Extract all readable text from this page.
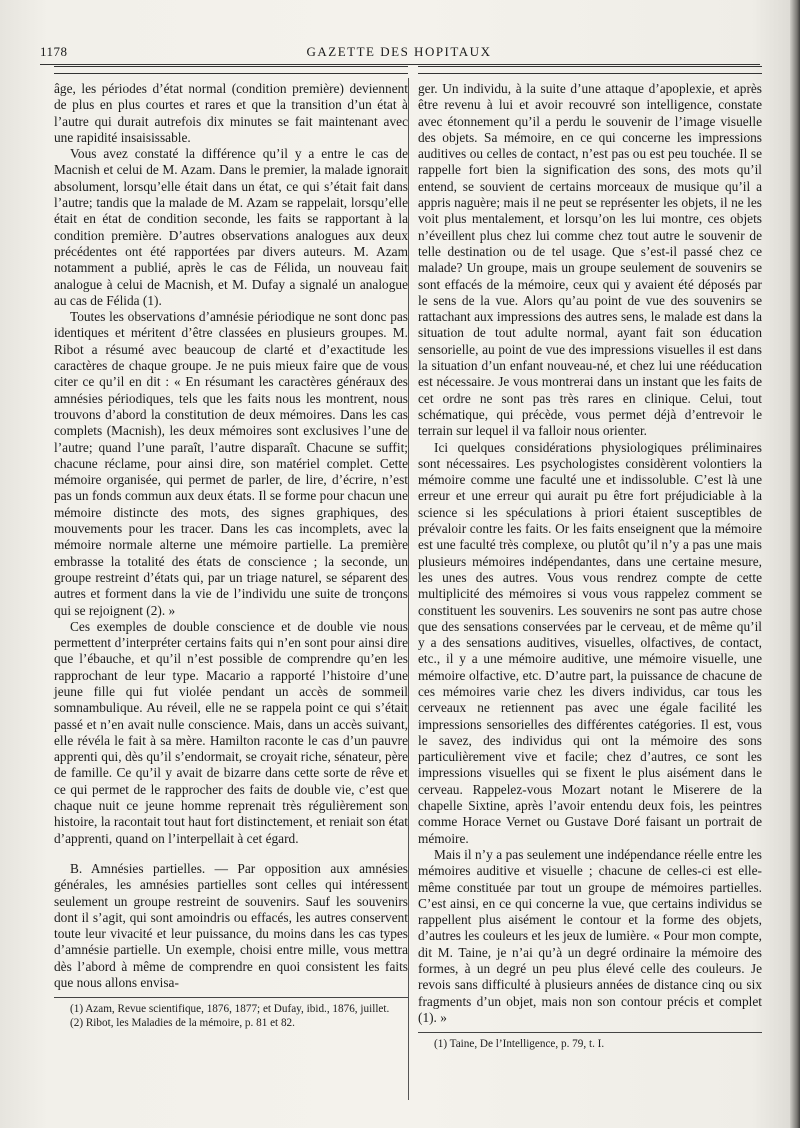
1178	GAZETTE DES HOPITAUX

âge, les périodes d’état normal (condition première) deviennent de plus en plus courtes et rares et que la transition d’un état à l’autre qui durait autrefois dix minutes se fait maintenant avec une rapidité insaisissable.

Vous avez constaté la différence qu’il y a entre le cas de Macnish et celui de M. Azam. Dans le premier, la malade ignorait absolument, lorsqu’elle était dans un état, ce qui s’était fait dans l’autre; tandis que la malade de M. Azam se rappelait, lorsqu’elle était en état de condition seconde, les faits se rapportant à la condition première. D’autres observations analogues aux deux précédentes ont été rapportées par divers auteurs. M. Azam notamment a publié, après le cas de Félida, un nouveau fait analogue à celui de Macnish, et M. Dufay a signalé un analogue au cas de Félida (1).

Toutes les observations d’amnésie périodique ne sont donc pas identiques et méritent d’être classées en plusieurs groupes. M. Ribot a résumé avec beaucoup de clarté et d’exactitude les caractères de chaque groupe. Je ne puis mieux faire que de vous citer ce qu’il en dit : « En résumant les caractères généraux des amnésies périodiques, tels que les faits nous les montrent, nous trouvons d’abord la constitution de deux mémoires. Dans les cas complets (Macnish), les deux mémoires sont exclusives l’une de l’autre; quand l’une paraît, l’autre disparaît. Chacune se suffit; chacune réclame, pour ainsi dire, son matériel complet. Cette mémoire organisée, qui permet de parler, de lire, d’écrire, n’est pas un fonds commun aux deux états. Il se forme pour chacun une mémoire distincte des mots, des signes graphiques, des mouvements pour les tracer. Dans les cas incomplets, avec la mémoire normale alterne une mémoire partielle. La première embrasse la totalité des états de conscience ; la seconde, un groupe restreint d’états qui, par un triage naturel, se séparent des autres et forment dans la vie de l’individu une suite de tronçons qui se rejoignent (2). »

Ces exemples de double conscience et de double vie nous permettent d’interpréter certains faits qui n’en sont pour ainsi dire que l’ébauche, et qu’il n’est possible de comprendre qu’en les rapprochant de leur type. Macario a rapporté l’histoire d’une jeune fille qui fut violée pendant un accès de sommeil somnambulique. Au réveil, elle ne se rappela point ce qui s’était passé et n’en avait nulle conscience. Mais, dans un accès suivant, elle révéla le fait à sa mère. Hamilton raconte le cas d’un pauvre apprenti qui, dès qu’il s’endormait, se croyait riche, sénateur, père de famille. Ce qu’il y avait de bizarre dans cette sorte de rêve et ce qui permet de le rapprocher des faits de double vie, c’est que chaque nuit ce jeune homme reprenait très régulièrement son histoire, la racontait tout haut fort distinctement, et reniait son état d’apprenti, quand on l’interpellait à cet égard.

B. Amnésies partielles. — Par opposition aux amnésies générales, les amnésies partielles sont celles qui intéressent seulement un groupe restreint de souvenirs. Sauf les souvenirs dont il s’agit, qui sont amoindris ou effacés, les autres conservent toute leur vivacité et leur puissance, du moins dans les cas types d’amnésie partielle. Un exemple, choisi entre mille, vous mettra dès l’abord à même de comprendre en quoi consistent les faits que nous allons envisa-

(1) Azam, Revue scientifique, 1876, 1877; et Dufay, ibid., 1876, juillet.

(2) Ribot, les Maladies de la mémoire, p. 81 et 82.

ger. Un individu, à la suite d’une attaque d’apoplexie, et après être revenu à lui et avoir recouvré son intelligence, constate avec étonnement qu’il a perdu le souvenir de l’image visuelle des objets. Sa mémoire, en ce qui concerne les impressions auditives ou celles de contact, n’est pas ou est peu touchée. Il se rappelle fort bien la signification des sons, des mots qu’il entend, se souvient de certains morceaux de musique qu’il a appris naguère; mais il ne peut se représenter les objets, il ne les voit plus mentalement, et lorsqu’on les lui montre, ces objets n’éveillent plus chez lui comme chez tout autre le souvenir de telle destination ou de tel usage. Que s’est-il passé chez ce malade? Un groupe, mais un groupe seulement de souvenirs se sont effacés de la mémoire, ceux qui y avaient été déposés par le sens de la vue. Alors qu’au point de vue des souvenirs se rattachant aux impressions des autres sens, le malade est dans la situation de tout adulte normal, ayant fait son éducation sensorielle, au point de vue des impressions visuelles il est dans la situation d’un enfant nouveau-né, et chez lui une rééducation est nécessaire. Je vous montrerai dans un instant que les faits de cet ordre ne sont pas très rares en clinique. Celui, tout schématique, qui précède, vous permet déjà d’entrevoir le terrain sur lequel il va falloir nous orienter.

Ici quelques considérations physiologiques préliminaires sont nécessaires. Les psychologistes considèrent volontiers la mémoire comme une faculté une et indissoluble. C’est là une erreur et une erreur qui aurait pu être fort préjudiciable à la science si les spéculations à priori étaient susceptibles de prévaloir contre les faits. Or les faits enseignent que la mémoire est une faculté très complexe, ou plutôt qu’il n’y a pas une mais plusieurs mémoires indépendantes, dans une certaine mesure, les unes des autres. Vous vous rendrez compte de cette multiplicité des mémoires si vous vous rappelez comment se constituent les souvenirs. Les souvenirs ne sont pas autre chose que des sensations conservées par le cerveau, et de même qu’il y a des sensations auditives, visuelles, olfactives, de contact, etc., il y a une mémoire auditive, une mémoire visuelle, une mémoire olfactive, etc. D’autre part, la puissance de chacune de ces mémoires varie chez les divers individus, car tous les cerveaux ne retiennent pas avec une égale facilité les impressions sensorielles des différentes catégories. Il est, vous le savez, des individus qui ont la mémoire des sons particulièrement vive et facile; chez d’autres, ce sont les impressions visuelles qui se fixent le plus aisément dans le cerveau. Rappelez-vous Mozart notant le Miserere de la chapelle Sixtine, après l’avoir entendu deux fois, les peintres comme Horace Vernet ou Gustave Doré faisant un portrait de mémoire.

Mais il n’y a pas seulement une indépendance réelle entre les mémoires auditive et visuelle ; chacune de celles-ci est elle-même constituée par tout un groupe de mémoires partielles. C’est ainsi, en ce qui concerne la vue, que certains individus se rappellent plus aisément le contour et la forme des objets, d’autres les couleurs et les jeux de lumière. « Pour mon compte, dit M. Taine, je n’ai qu’à un degré ordinaire la mémoire des formes, à un degré un peu plus élevé celle des couleurs. Je revois sans difficulté à plusieurs années de distance cinq ou six fragments d’un objet, mais non son contour précis et complet (1). »

(1) Taine, De l’Intelligence, p. 79, t. I.
